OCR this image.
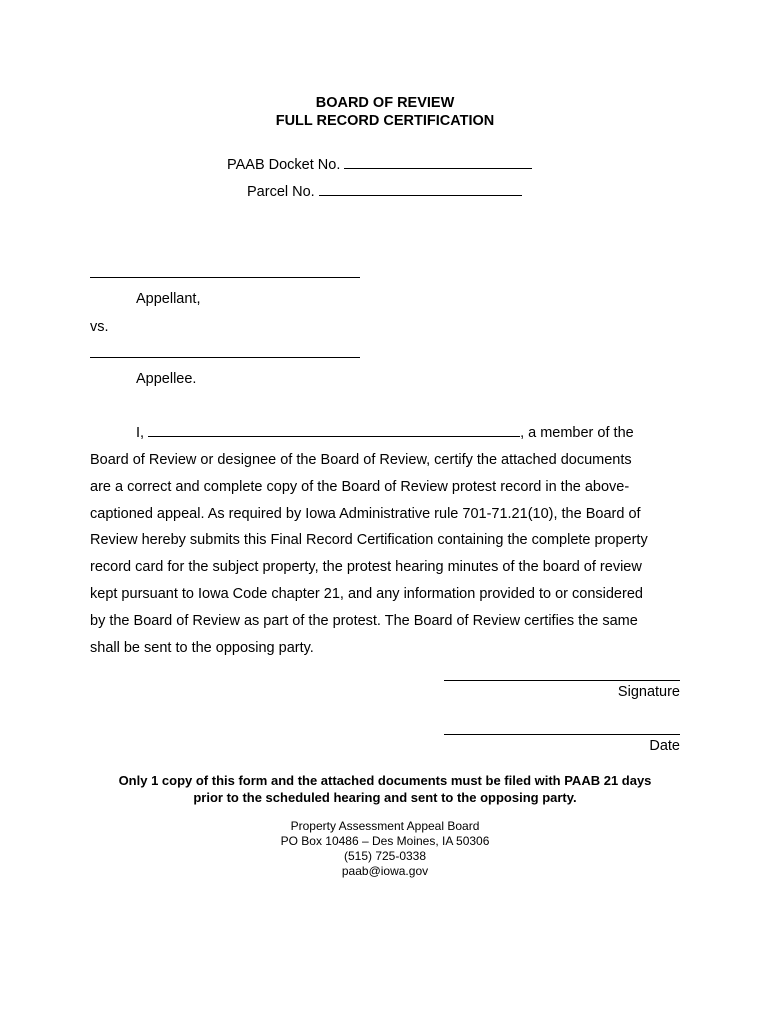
BOARD OF REVIEW
FULL RECORD CERTIFICATION
PAAB Docket No.
Parcel No.
Appellant,
vs.
Appellee.
I,	, a member of the
Board of Review or designee of the Board of Review, certify the attached documents
are a correct and complete copy of the Board of Review protest record in the above-
captioned appeal. As required by Iowa Administrative rule 701-71.21(10), the Board of
Review hereby submits this Final Record Certification containing the complete property
record card for the subject property, the protest hearing minutes of the board of review
kept pursuant to Iowa Code chapter 21, and any information provided to or considered
by the Board of Review as part of the protest. The Board of Review certifies the same
shall be sent to the opposing party.
Signature
Date
Only 1 copy of this form and the attached documents must be filed with PAAB 21 days
prior to the scheduled hearing and sent to the opposing party.
Property Assessment Appeal Board
PO Box 10486 – Des Moines, IA 50306
(515) 725-0338
paab@iowa.gov
